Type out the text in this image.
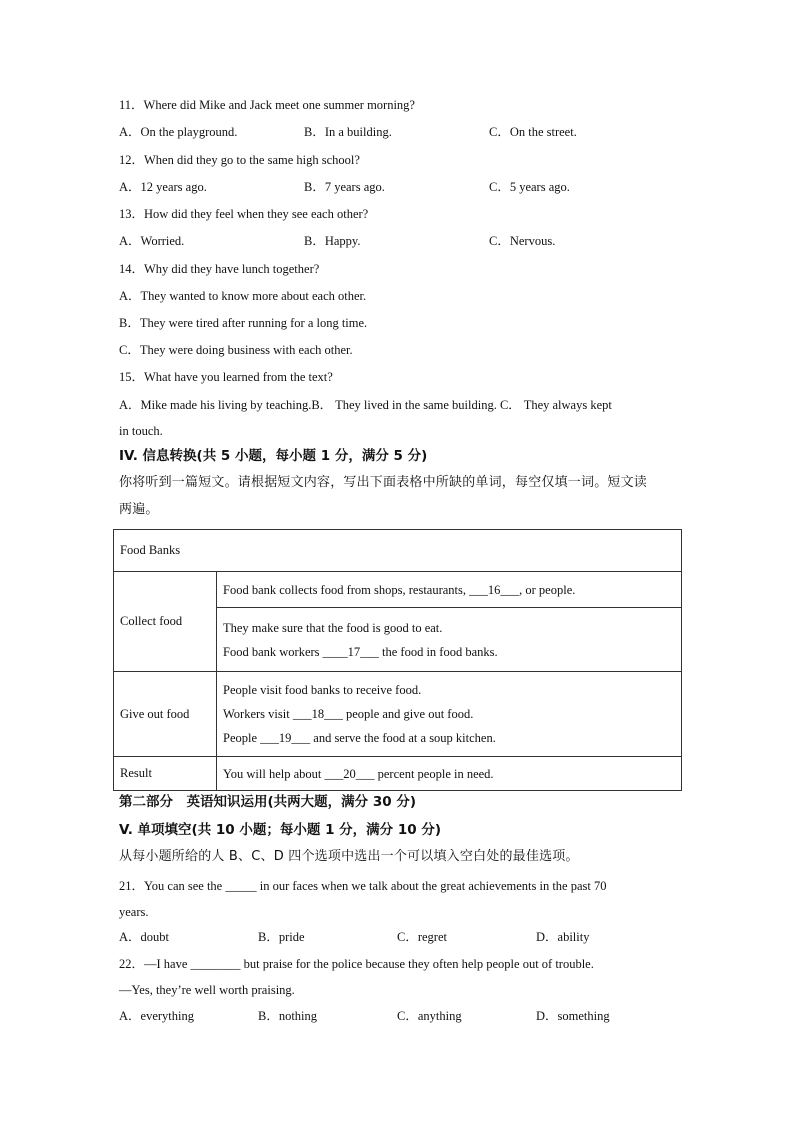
11．Where did Mike and Jack meet one summer morning?
A．On the playground.	B．In a building.	C．On the street.
12．When did they go to the same high school?
A．12 years ago.	B．7 years ago.	C．5 years ago.
13．How did they feel when they see each other?
A．Worried.	B．Happy.	C．Nervous.
14．Why did they have lunch together?
A．They wanted to know more about each other.
B．They were tired after running for a long time.
C．They were doing business with each other.
15．What have you learned from the text?
A．Mike made his living by teaching.B． They lived in the same building. C． They always kept
in touch.
IV. 信息转换(共 5 小题，每小题 1 分，满分 5 分)
你将听到一篇短文。请根据短文内容，写出下面表格中所缺的单词，每空仅填一词。短文读
两遍。
Food Banks	
Collect food	Food bank collects food from shops, restaurants, ___16___, or people.

	They make sure that the food is good to eat.
Food bank workers ____17___ the food in food banks.

Give out food	People visit food banks to receive food.
Workers visit ___18___ people and give out food.
People ___19___ and serve the food at a soup kitchen.

Result	You will help about ___20___ percent people in need.
第二部分　英语知识运用(共两大题，满分 30 分)
V. 单项填空(共 10 小题；每小题 1 分，满分 10 分)
从每小题所给的人 B、C、D 四个选项中选出一个可以填入空白处的最佳选项。
21．You can see the _____ in our faces when we talk about the great achievements in the past 70
years.
A．doubt	B．pride	C．regret	D．ability
22．—I have ________ but praise for the police because they often help people out of trouble.
—Yes, they’re well worth praising.
A．everything	B．nothing	C．anything	D．something
